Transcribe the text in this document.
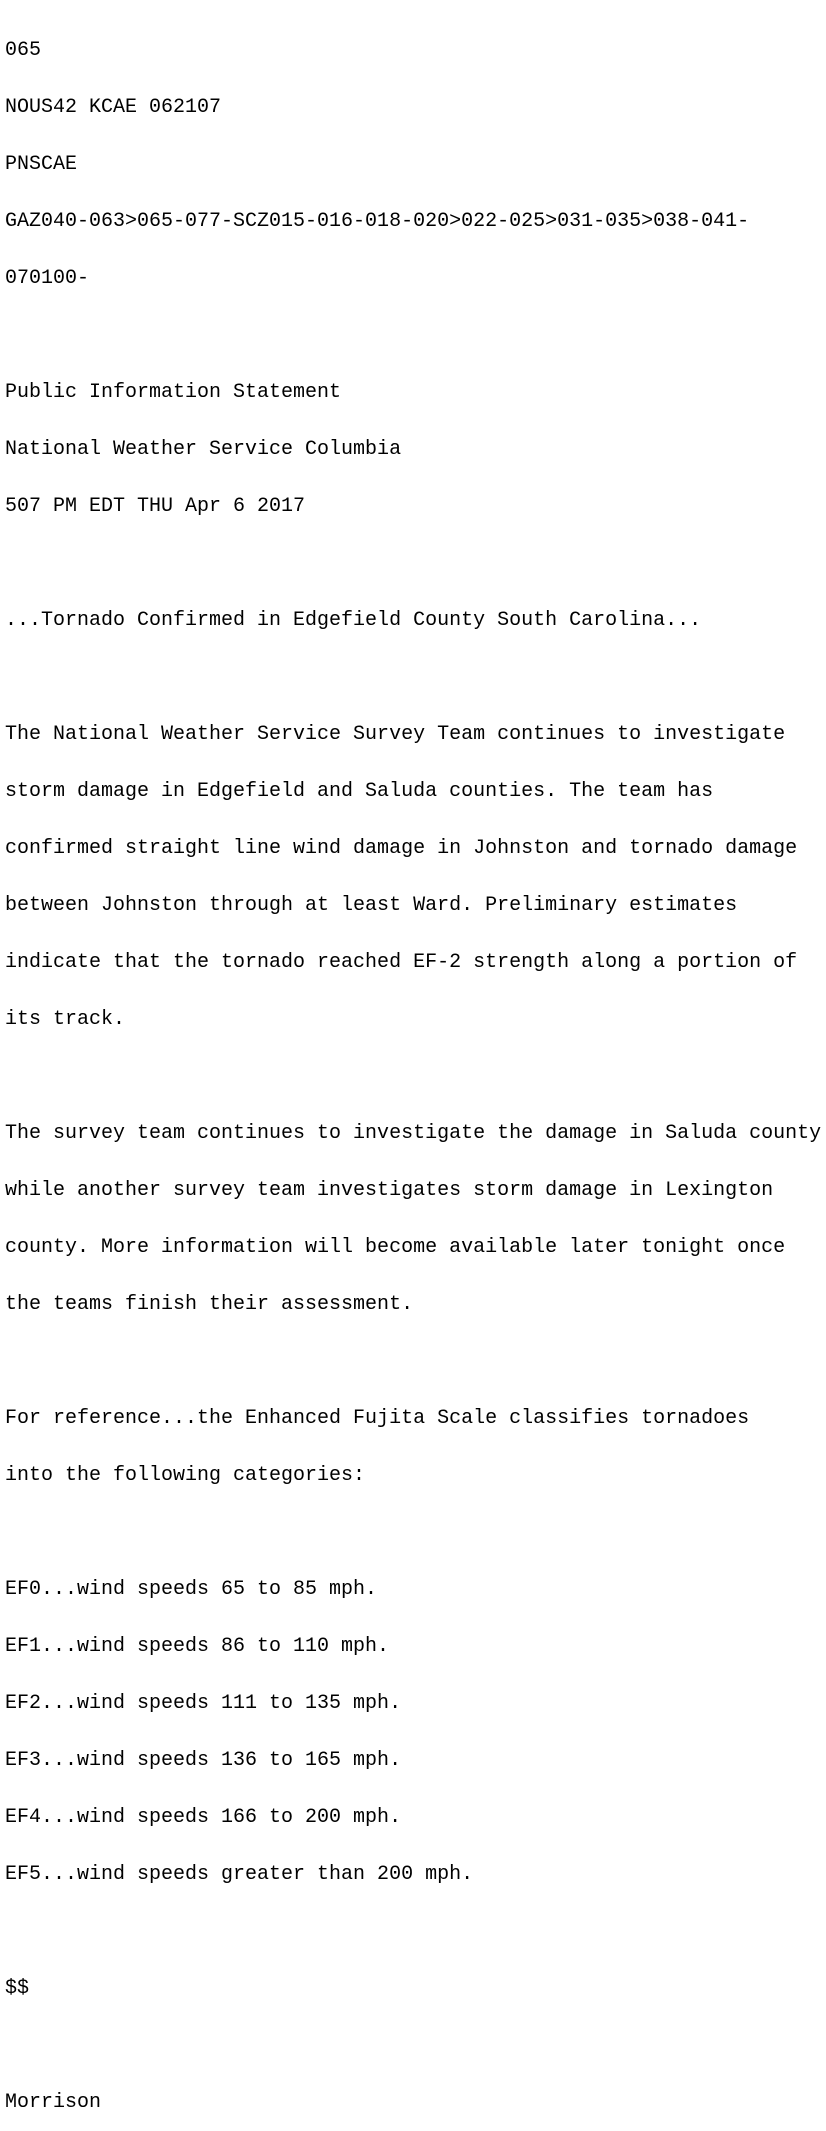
065

NOUS42 KCAE 062107

PNSCAE

GAZ040-063>065-077-SCZ015-016-018-020>022-025>031-035>038-041-

070100-

Public Information Statement

National Weather Service Columbia

507 PM EDT THU Apr 6 2017

...Tornado Confirmed in Edgefield County South Carolina...

The National Weather Service Survey Team continues to investigate

storm damage in Edgefield and Saluda counties. The team has

confirmed straight line wind damage in Johnston and tornado damage

between Johnston through at least Ward. Preliminary estimates

indicate that the tornado reached EF-2 strength along a portion of

its track.

The survey team continues to investigate the damage in Saluda county

while another survey team investigates storm damage in Lexington

county. More information will become available later tonight once

the teams finish their assessment.

For reference...the Enhanced Fujita Scale classifies tornadoes

into the following categories:

EF0...wind speeds 65 to 85 mph.

EF1...wind speeds 86 to 110 mph.

EF2...wind speeds 111 to 135 mph.

EF3...wind speeds 136 to 165 mph.

EF4...wind speeds 166 to 200 mph.

EF5...wind speeds greater than 200 mph.

$$

Morrison
